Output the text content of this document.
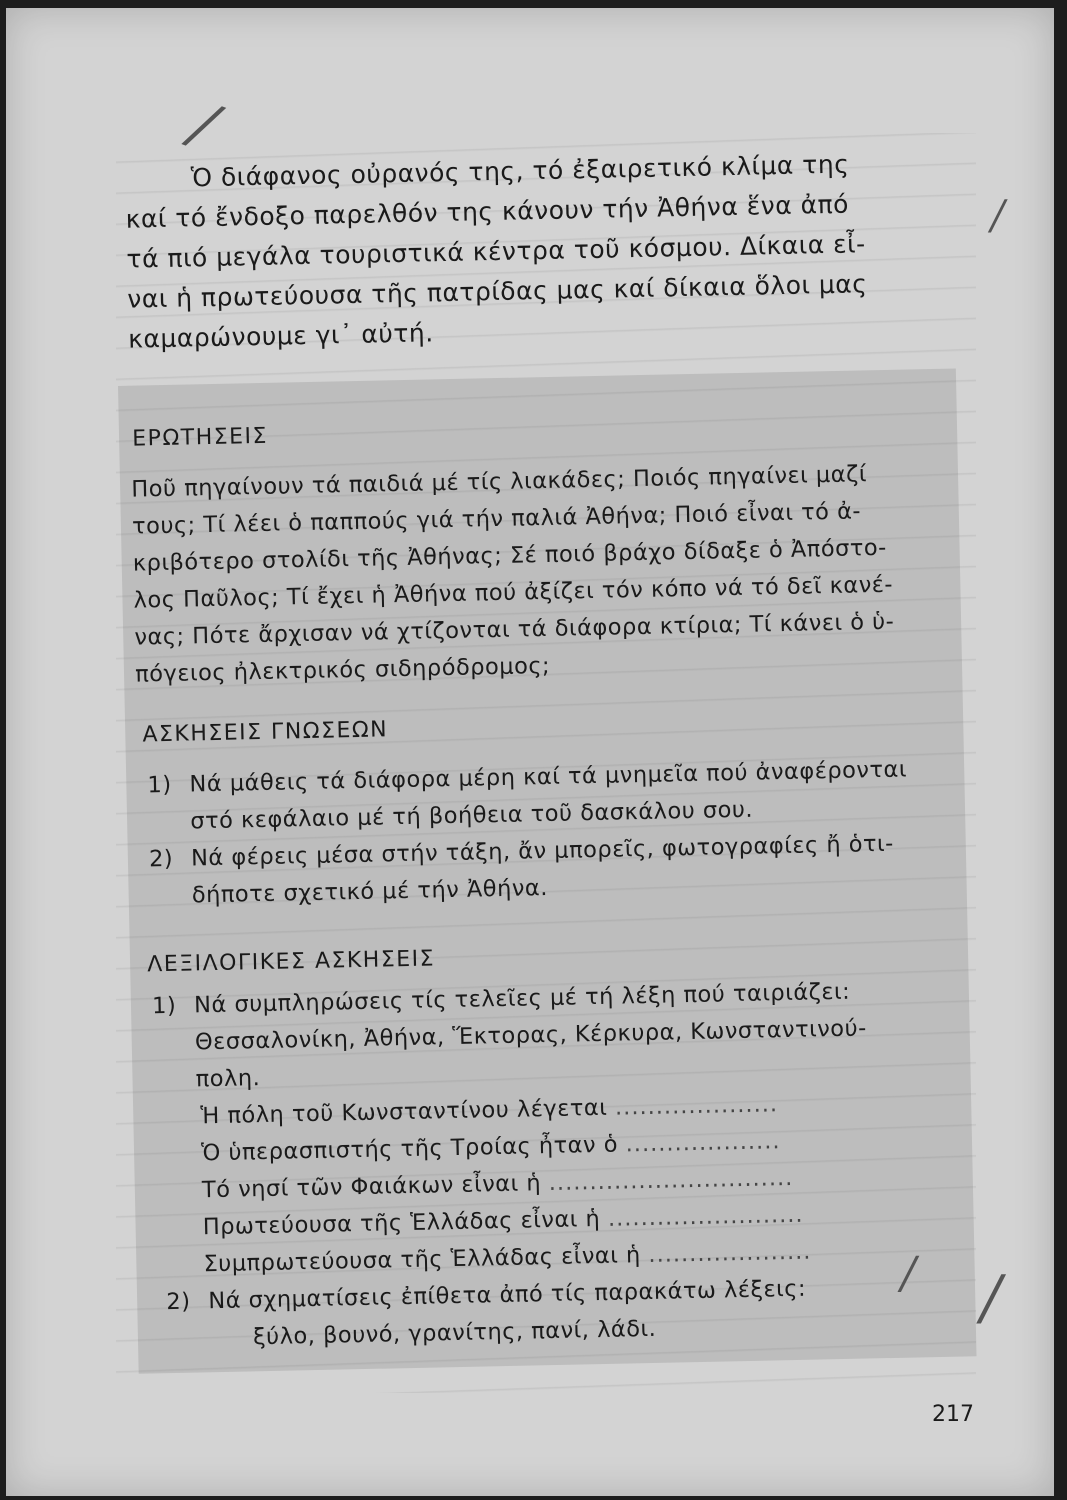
/
/
/ /
Ὁ διάφανος οὐρανός της, τό ἐξαιρετικό κλίμα της
καί τό ἔνδοξο παρελθόν της κάνουν τήν Ἀθήνα ἕνα ἀπό
τά πιό μεγάλα τουριστικά κέντρα τοῦ κόσμου. Δίκαια εἶ-
ναι ἡ πρωτεύουσα τῆς πατρίδας μας καί δίκαια ὅλοι μας
καμαρώνουμε γι᾽ αὐτή.
ΕΡΩΤΗΣΕΙΣ
Ποῦ πηγαίνουν τά παιδιά μέ τίς λιακάδες; Ποιός πηγαίνει μαζί
τους; Τί λέει ὁ παππούς γιά τήν παλιά Ἀθήνα; Ποιό εἶναι τό ἀ-
κριβότερο στολίδι τῆς Ἀθήνας; Σέ ποιό βράχο δίδαξε ὁ Ἀπόστο-
λος Παῦλος; Τί ἔχει ἡ Ἀθήνα πού ἀξίζει τόν κόπο νά τό δεῖ κανέ-
νας; Πότε ἄρχισαν νά χτίζονται τά διάφορα κτίρια; Τί κάνει ὁ ὑ-
πόγειος ἠλεκτρικός σιδηρόδρομος;
ΑΣΚΗΣΕΙΣ ΓΝΩΣΕΩΝ
1) Νά μάθεις τά διάφορα μέρη καί τά μνημεῖα πού ἀναφέρονται
στό κεφάλαιο μέ τή βοήθεια τοῦ δασκάλου σου.
2) Νά φέρεις μέσα στήν τάξη, ἄν μπορεῖς, φωτογραφίες ἤ ὁτι-
δήποτε σχετικό μέ τήν Ἀθήνα.
ΛΕΞΙΛΟΓΙΚΕΣ ΑΣΚΗΣΕΙΣ
1) Νά συμπληρώσεις τίς τελεῖες μέ τή λέξη πού ταιριάζει:
Θεσσαλονίκη, Ἀθήνα, Ἕκτορας, Κέρκυρα, Κωνσταντινού-
πολη.
Ἡ πόλη τοῦ Κωνσταντίνου λέγεται ....................
Ὁ ὑπερασπιστής τῆς Τροίας ἦταν ὁ ...................
Τό νησί τῶν Φαιάκων εἶναι ἡ ..............................
Πρωτεύουσα τῆς Ἑλλάδας εἶναι ἡ ........................
Συμπρωτεύουσα τῆς Ἑλλάδας εἶναι ἡ ....................
2) Νά σχηματίσεις ἐπίθετα ἀπό τίς παρακάτω λέξεις:
ξύλο, βουνό, γρανίτης, πανί, λάδι.
217
